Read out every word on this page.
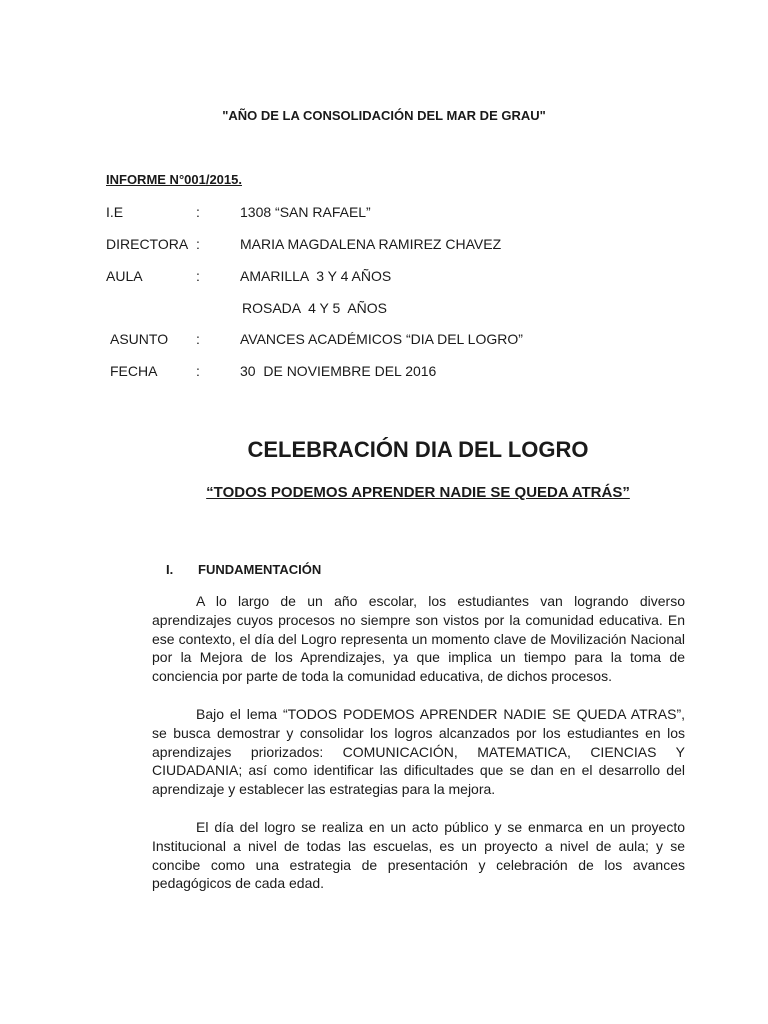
"AÑO DE LA CONSOLIDACIÓN DEL MAR DE GRAU"
INFORME N°001/2015.
I.E	:	1308 “SAN RAFAEL”
DIRECTORA :	MARIA MAGDALENA RAMIREZ CHAVEZ
AULA	:	AMARILLA  3 Y 4 AÑOS
ROSADA  4 Y 5  AÑOS
ASUNTO :	AVANCES ACADÉMICOS “DIA DEL LOGRO”
FECHA	:	30  DE NOVIEMBRE DEL 2016
CELEBRACIÓN DIA DEL LOGRO
“TODOS PODEMOS APRENDER NADIE SE QUEDA ATRÁS”
I. FUNDAMENTACIÓN

A lo largo de un año escolar, los estudiantes van logrando diverso aprendizajes cuyos procesos no siempre son vistos por la comunidad educativa. En ese contexto, el día del Logro representa un momento clave de Movilización Nacional por la Mejora de los Aprendizajes, ya que implica un tiempo para la toma de conciencia por parte de toda la comunidad educativa, de dichos procesos.

Bajo el lema “TODOS PODEMOS APRENDER NADIE SE QUEDA ATRAS”, se busca demostrar y consolidar los logros alcanzados por los estudiantes en los aprendizajes priorizados: COMUNICACIÓN, MATEMATICA, CIENCIAS Y CIUDADANIA; así como identificar las dificultades que se dan en el desarrollo del aprendizaje y establecer las estrategias para la mejora.

El día del logro se realiza en un acto público y se enmarca en un proyecto Institucional a nivel de todas las escuelas, es un proyecto a nivel de aula; y se concibe como una estrategia de presentación y celebración de los avances pedagógicos de cada edad.
